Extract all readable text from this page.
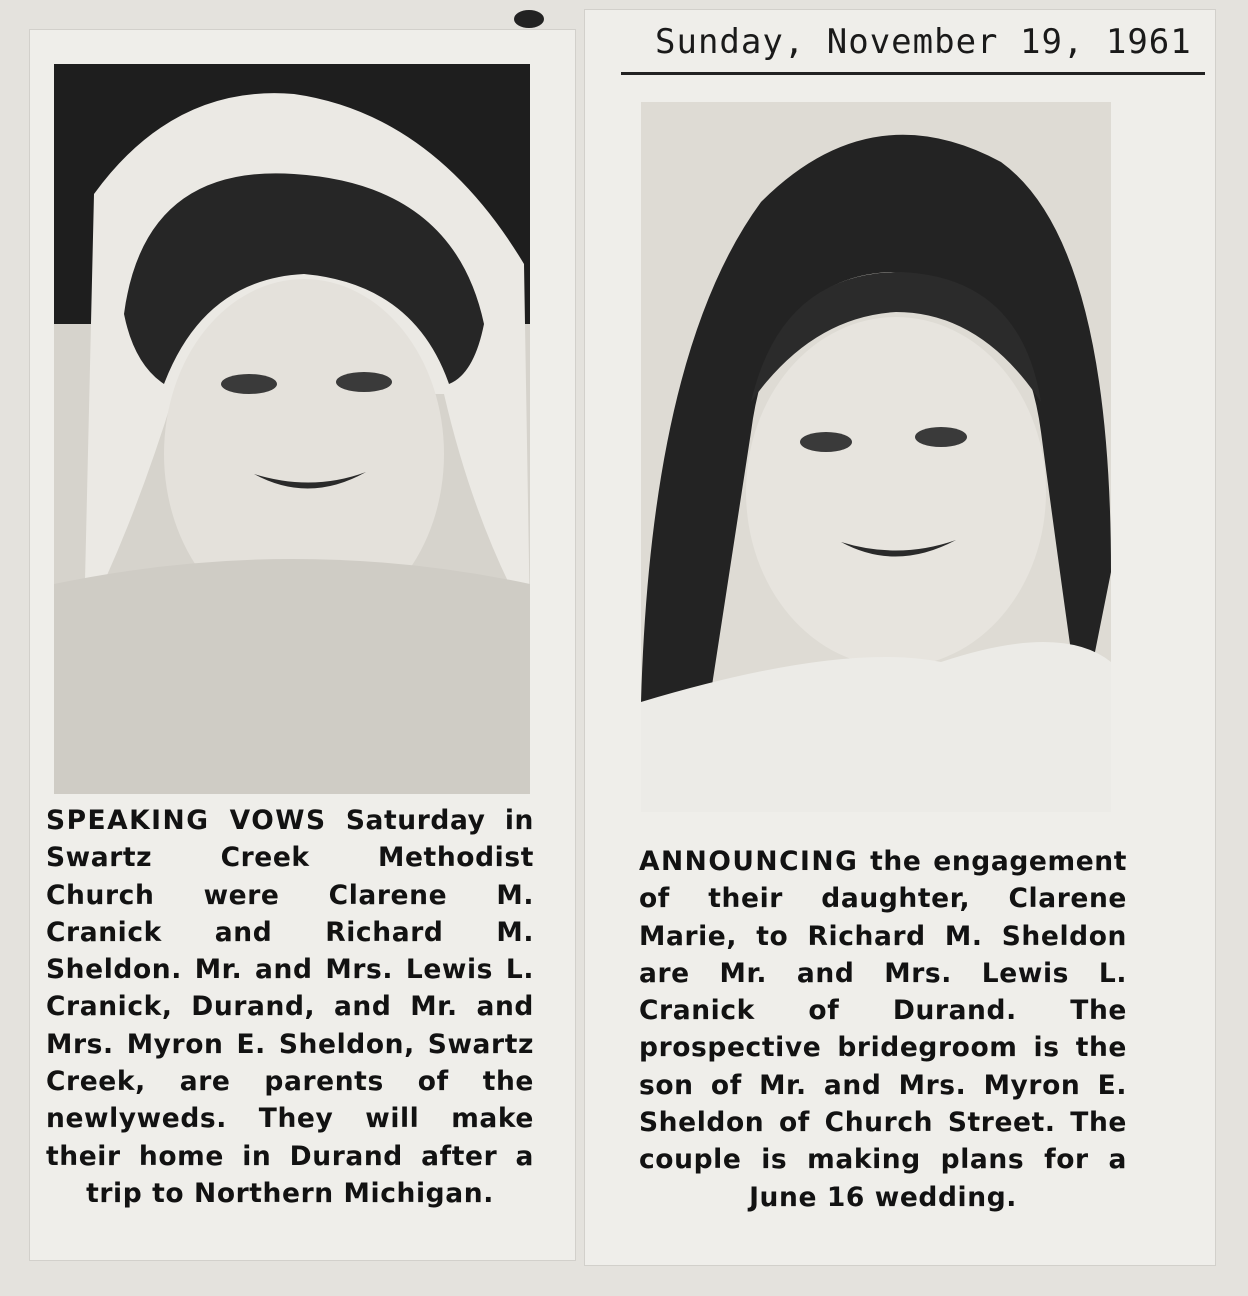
SPEAKING VOWS Saturday in Swartz Creek Methodist Church were Clarene M. Cranick and Richard M. Sheldon. Mr. and Mrs. Lewis L. Cranick, Durand, and Mr. and Mrs. Myron E. Sheldon, Swartz Creek, are parents of the newlyweds. They will make their home in Durand after a trip to Northern Michigan.
Sunday, November 19, 1961
ANNOUNCING the engagement of their daughter, Clarene Marie, to Richard M. Sheldon are Mr. and Mrs. Lewis L. Cranick of Durand. The prospective bridegroom is the son of Mr. and Mrs. Myron E. Sheldon of Church Street. The couple is making plans for a June 16 wedding.
